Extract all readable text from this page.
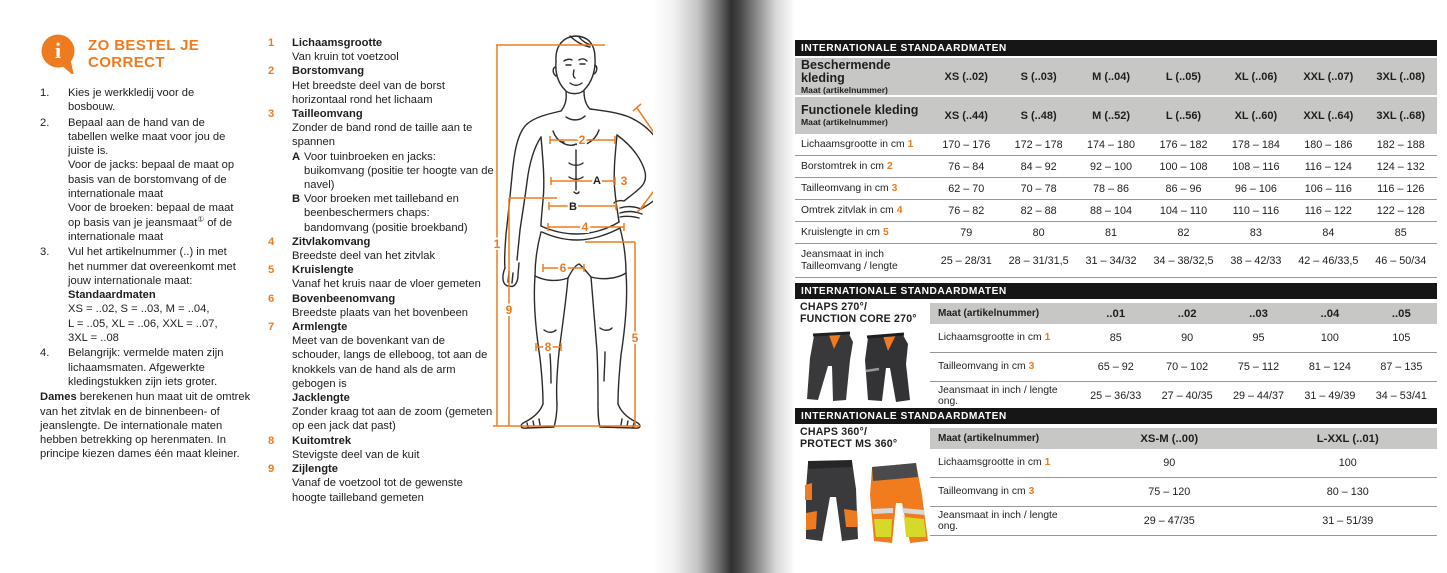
i ZO BESTEL JE
CORRECT
1.	Kies je werkkledij voor de bosbouw.
2.	Bepaal aan de hand van de tabellen welke maat voor jou de juiste is.
Voor de jacks: bepaal de maat op basis van de borstomvang of de internationale maat
Voor de broeken: bepaal de maat op basis van je jeansmaat① of de internationale maat
3.	Vul het artikelnummer (..) in met het nummer dat overeenkomt met jouw internationale maat:
Standaardmaten
XS = ..02, S = ..03, M = ..04,
L = ..05, XL = ..06, XXL = ..07,
3XL = ..08
4.	Belangrijk: vermelde maten zijn lichaamsmaten. Afgewerkte kledingstukken zijn iets groter.

Dames berekenen hun maat uit de omtrek van het zitvlak en de binnenbeen- of jeanslengte. De internationale maten hebben betrekking op herenmaten. In principe kiezen dames één maat kleiner.

1	Lichaamsgrootte
Van kruin tot voetzool
2	Borstomvang
Het breedste deel van de borst horizontaal rond het lichaam
3	Tailleomvang
Zonder de band rond de taille aan te spannen
A Voor tuinbroeken en jacks: buikomvang (positie ter hoogte van de navel)
B Voor broeken met tailleband en beenbeschermers chaps: bandomvang (positie broekband)
4	Zitvlakomvang
Breedste deel van het zitvlak
5	Kruislengte
Vanaf het kruis naar de vloer gemeten
6	Bovenbeenomvang
Breedste plaats van het bovenbeen
7	Armlengte
Meet van de bovenkant van de schouder, langs de elleboog, tot aan de knokkels van de hand als de arm gebogen is
Jacklengte
Zonder kraag tot aan de zoom (gemeten op een jack dat past)
8	Kuitomtrek
Stevigste deel van de kuit
9	Zijlengte
Vanaf de voetzool tot de gewenste hoogte tailleband gemeten
1
2
3
A
B
4
5
6
8
9
INTERNATIONALE STANDAARDMATEN
Beschermende kleding
Maat (artikelnummer)
XS (..02)	S (..03)	M (..04)	L (..05)	XL (..06)	XXL (..07)	3XL (..08)
Functionele kleding
Maat (artikelnummer)
XS (..44)	S (..48)	M (..52)	L (..56)	XL (..60)	XXL (..64)	3XL (..68)
Lichaamsgrootte in cm 1	170 – 176	172 – 178	174 – 180	176 – 182	178 – 184	180 – 186	182 – 188
Borstomtrek in cm 2	76 – 84	84 – 92	92 – 100	100 – 108	108 – 116	116 – 124	124 – 132
Tailleomvang in cm 3	62 – 70	70 – 78	78 – 86	86 – 96	96 – 106	106 – 116	116 – 126
Omtrek zitvlak in cm 4	76 – 82	82 – 88	88 – 104	104 – 110	110 – 116	116 – 122	122 – 128
Kruislengte in cm 5	79	80	81	82	83	84	85
Jeansmaat in inch
Tailleomvang / lengte	25 – 28/31	28 – 31/31,5	31 – 34/32	34 – 38/32,5	38 – 42/33	42 – 46/33,5	46 – 50/34
INTERNATIONALE STANDAARDMATEN
CHAPS 270°/
FUNCTION CORE 270°	Maat (artikelnummer)	..01	..02	..03	..04	..05
Lichaamsgrootte in cm 1	85	90	95	100	105
Tailleomvang in cm 3	65 – 92	70 – 102	75 – 112	81 – 124	87 – 135
Jeansmaat in inch / lengte ong.	25 – 36/33	27 – 40/35	29 – 44/37	31 – 49/39	34 – 53/41
INTERNATIONALE STANDAARDMATEN
CHAPS 360°/
PROTECT MS 360°	Maat (artikelnummer)	XS-M (..00)	L-XXL (..01)
Lichaamsgrootte in cm 1	90	100
Tailleomvang in cm 3	75 – 120	80 – 130
Jeansmaat in inch / lengte ong.	29 – 47/35	31 – 51/39
